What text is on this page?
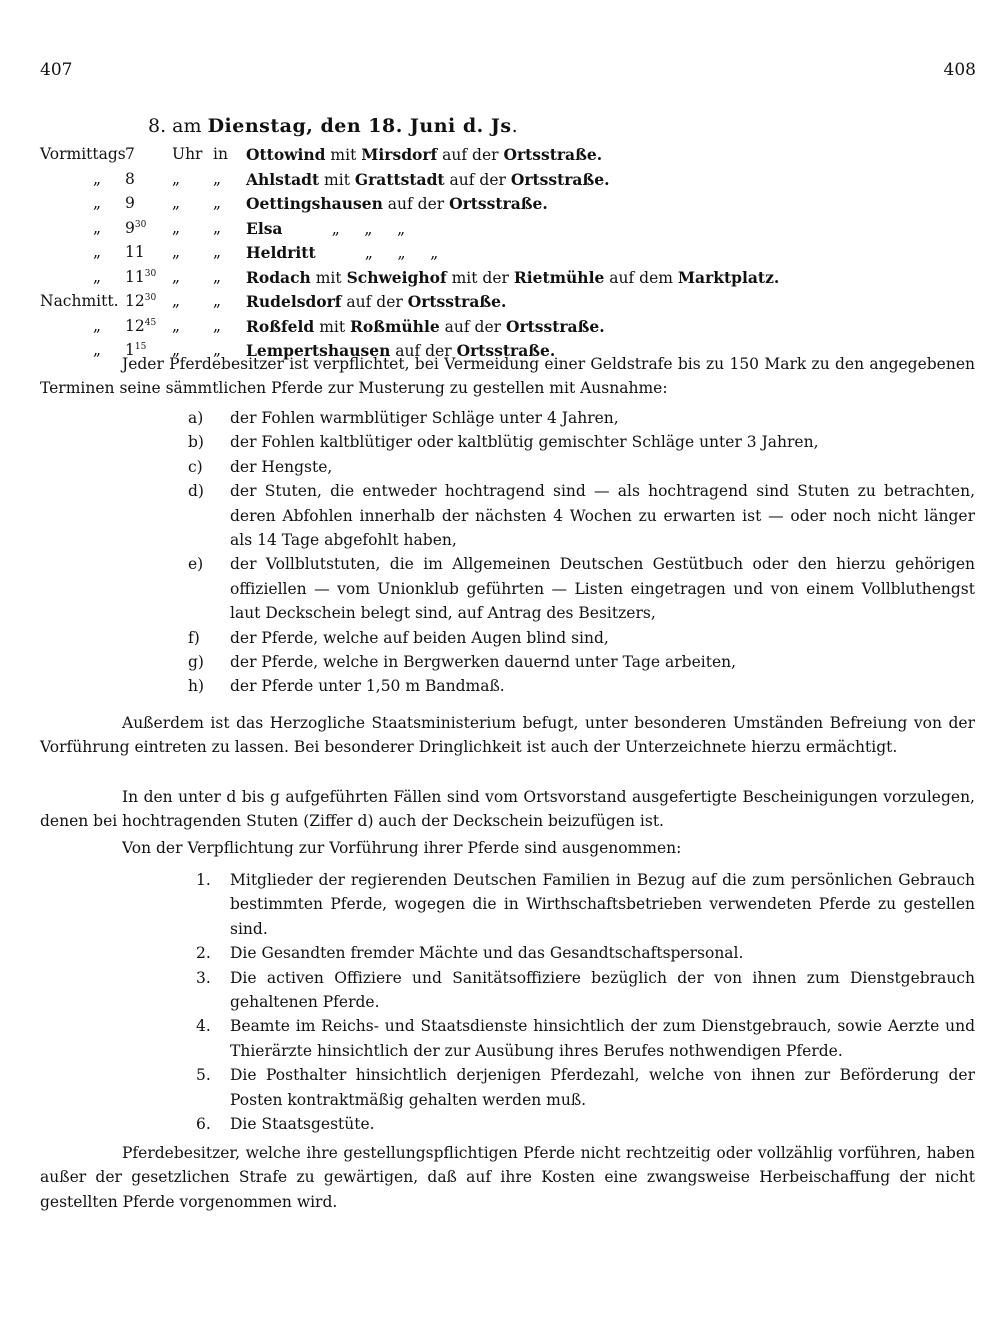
407	408
8. am Dienstag, den 18. Juni d. Js.
Vormittags 7 Uhr in Ottowind mit Mirsdorf auf der Ortsstraße.
„ 8 „ „ Ahlstadt mit Grattstadt auf der Ortsstraße.
„ 9 „ „ Oettingshausen auf der Ortsstraße.
„ $9^{30}$ „ „ Elsa          „     „     „
„ 11 „ „ Heldritt          „     „     „
„ $11^{30}$ „ „ Rodach mit Schweighof mit der Rietmühle auf dem Marktplatz.
Nachmitt. $12^{30}$ „ „ Rudelsdorf auf der Ortsstraße.
„ $12^{45}$ „ „ Roßfeld mit Roßmühle auf der Ortsstraße.
„ $1^{15}$ „ „ Lempertshausen auf der Ortsstraße.

Jeder Pferdebesitzer ist verpflichtet, bei Vermeidung einer Geldstrafe bis zu 150 Mark zu den angegebenen Terminen seine sämmtlichen Pferde zur Musterung zu gestellen mit Ausnahme:

a) der Fohlen warmblütiger Schläge unter 4 Jahren,
b) der Fohlen kaltblütiger oder kaltblütig gemischter Schläge unter 3 Jahren,
c) der Hengste,
d) der Stuten, die entweder hochtragend sind — als hochtragend sind Stuten zu betrachten, deren Abfohlen innerhalb der nächsten 4 Wochen zu erwarten ist — oder noch nicht länger als 14 Tage abgefohlt haben,
e) der Vollblutstuten, die im Allgemeinen Deutschen Gestütbuch oder den hierzu gehörigen offiziellen — vom Unionklub geführten — Listen eingetragen und von einem Vollbluthengst laut Deckschein belegt sind, auf Antrag des Besitzers,
f) der Pferde, welche auf beiden Augen blind sind,
g) der Pferde, welche in Bergwerken dauernd unter Tage arbeiten,
h) der Pferde unter 1,50 m Bandmaß.

Außerdem ist das Herzogliche Staatsministerium befugt, unter besonderen Umständen Befreiung von der Vorführung eintreten zu lassen. Bei besonderer Dringlichkeit ist auch der Unterzeichnete hierzu ermächtigt.

In den unter d bis g aufgeführten Fällen sind vom Ortsvorstand ausgefertigte Bescheinigungen vorzulegen, denen bei hochtragenden Stuten (Ziffer d) auch der Deckschein beizufügen ist.

Von der Verpflichtung zur Vorführung ihrer Pferde sind ausgenommen:

1. Mitglieder der regierenden Deutschen Familien in Bezug auf die zum persönlichen Gebrauch bestimmten Pferde, wogegen die in Wirthschaftsbetrieben verwendeten Pferde zu gestellen sind.
2. Die Gesandten fremder Mächte und das Gesandtschaftspersonal.
3. Die activen Offiziere und Sanitätsoffiziere bezüglich der von ihnen zum Dienstgebrauch gehaltenen Pferde.
4. Beamte im Reichs- und Staatsdienste hinsichtlich der zum Dienstgebrauch, sowie Aerzte und Thierärzte hinsichtlich der zur Ausübung ihres Berufes nothwendigen Pferde.
5. Die Posthalter hinsichtlich derjenigen Pferdezahl, welche von ihnen zur Beförderung der Posten kontraktmäßig gehalten werden muß.
6. Die Staatsgestüte.

Pferdebesitzer, welche ihre gestellungspflichtigen Pferde nicht rechtzeitig oder vollzählig vorführen, haben außer der gesetzlichen Strafe zu gewärtigen, daß auf ihre Kosten eine zwangsweise Herbeischaffung der nicht gestellten Pferde vorgenommen wird.
